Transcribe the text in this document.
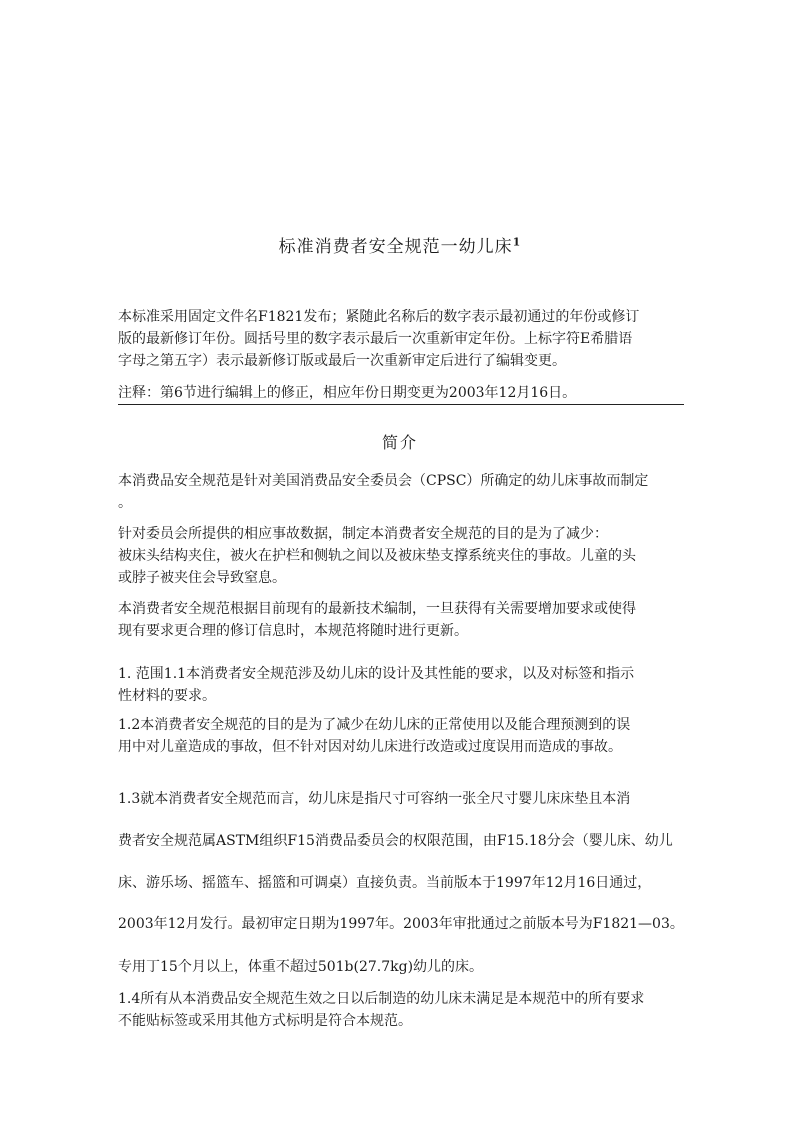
标准消费者安全规范一幼儿床$^1$

本标准采用固定文件名F1821发布；紧随此名称后的数字表示最初通过的年份或修订
版的最新修订年份。圆括号里的数字表示最后一次重新审定年份。上标字符E希腊语
字母之第五字）表示最新修订版或最后一次重新审定后进行了编辑变更。

注释：第6节进行编辑上的修正，相应年份日期变更为2003年12月16日。

简介

本消费品安全规范是针对美国消费品安全委员会（CPSC）所确定的幼儿床事故而制定
。

针对委员会所提供的相应事故数据，制定本消费者安全规范的目的是为了减少：
被床头结构夹住，被火在护栏和侧轨之间以及被床垫支撑系统夹住的事故。儿童的头
或脖子被夹住会导致窒息。

本消费者安全规范根据目前现有的最新技术编制，一旦获得有关需要增加要求或使得
现有要求更合理的修订信息时，本规范将随时进行更新。

1. 范围1.1本消费者安全规范涉及幼儿床的设计及其性能的要求，以及对标签和指示
性材料的要求。

1.2本消费者安全规范的目的是为了减少在幼儿床的正常使用以及能合理预测到的误
用中对儿童造成的事故，但不针对因对幼儿床进行改造或过度误用而造成的事故。

1.3就本消费者安全规范而言，幼儿床是指尺寸可容纳一张全尺寸婴儿床床垫且本消

费者安全规范属ASTM组织F15消费品委员会的权限范围，由F15.18分会（婴儿床、幼儿

床、游乐场、摇篮车、摇篮和可调桌）直接负责。当前版本于1997年12月16日通过，

2003年12月发行。最初审定日期为1997年。2003年审批通过之前版本号为F1821—03。

专用丁15个月以上，体重不超过501b(27.7kg)幼儿的床。

1.4所有从本消费品安全规范生效之日以后制造的幼儿床未满足是本规范中的所有要求
不能贴标签或采用其他方式标明是符合本规范。
